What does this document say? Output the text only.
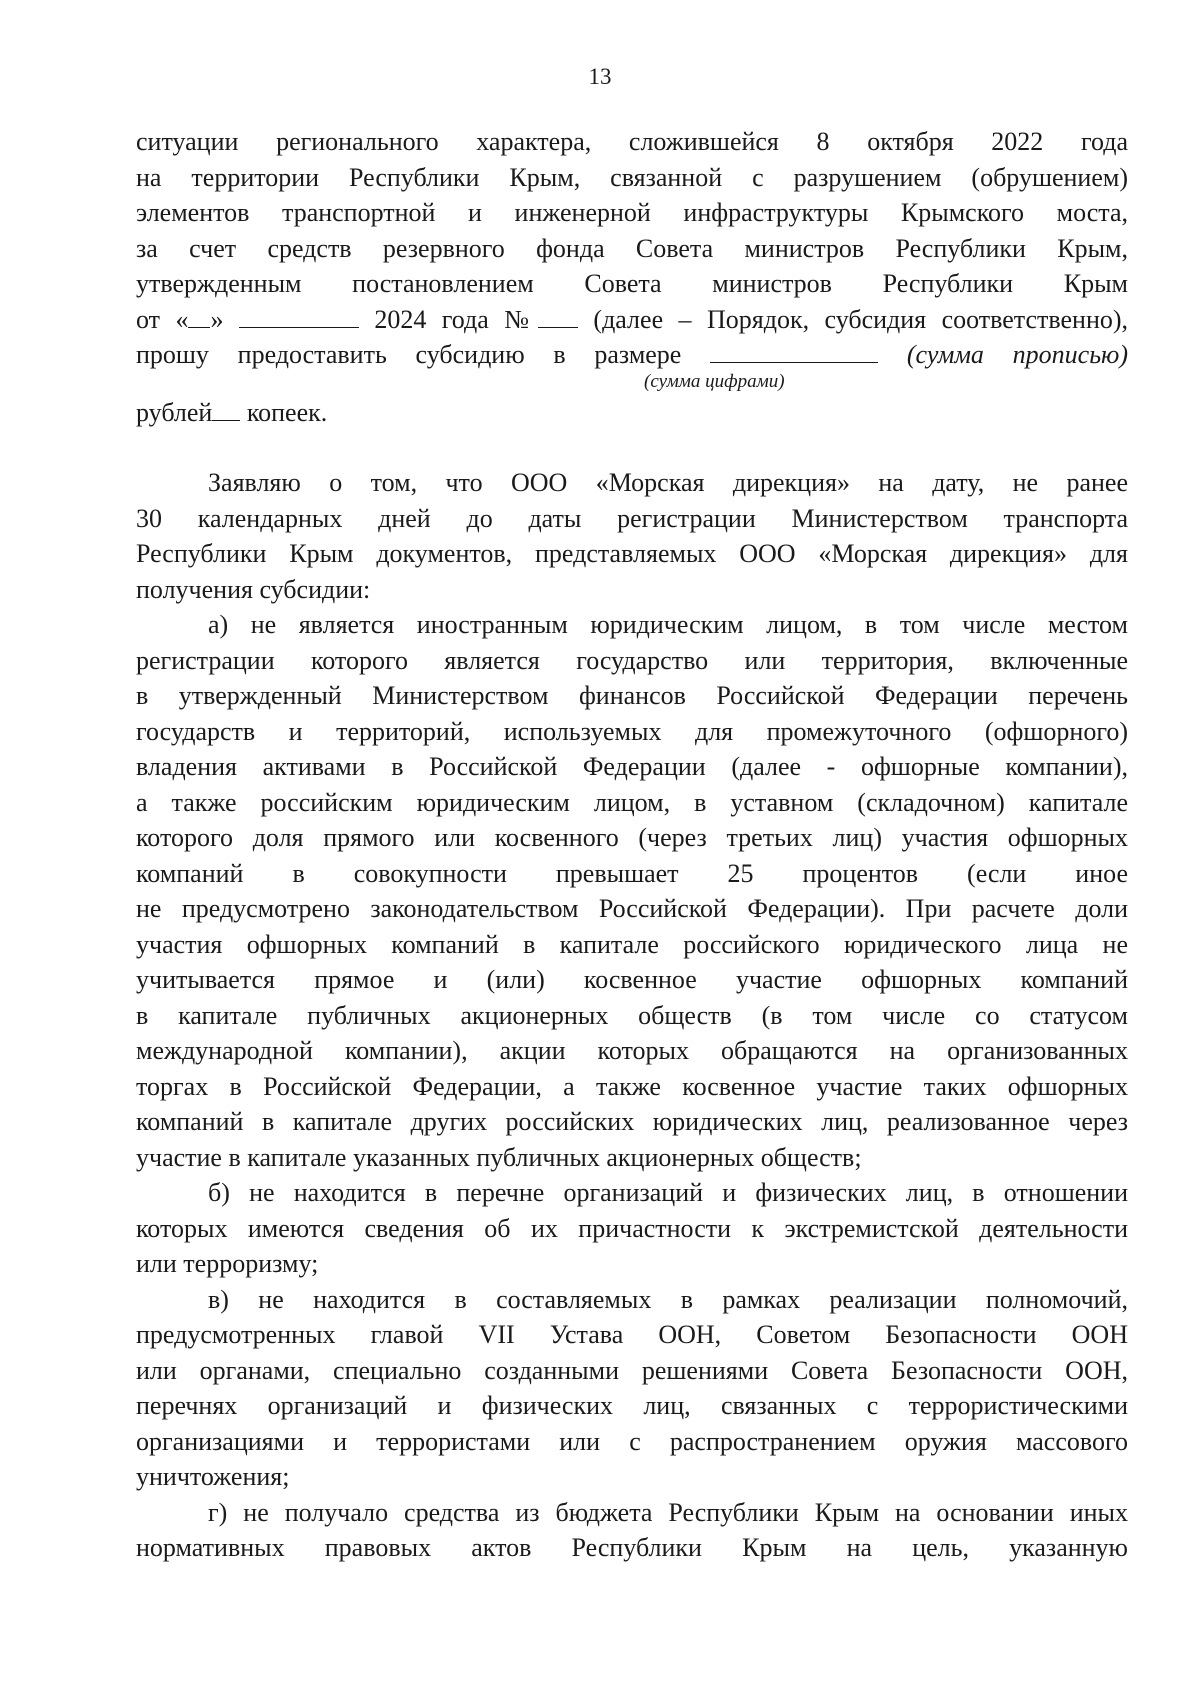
13
ситуации регионального характера, сложившейся 8 октября 2022 года
на территории Республики Крым, связанной с разрушением (обрушением)
элементов транспортной и инженерной инфраструктуры Крымского моста,
за счет средств резервного фонда Совета министров Республики Крым,
утвержденным постановлением Совета министров Республики Крым
от « »	2024 года № (далее – Порядок, субсидия соответственно),
прошу предоставить субсидию в размере	(сумма прописью)
(сумма цифрами)
рублей копеек.
Заявляю о том, что ООО «Морская дирекция» на дату, не ранее
30 календарных дней до даты регистрации Министерством транспорта
Республики Крым документов, представляемых ООО «Морская дирекция» для
получения субсидии:
а) не является иностранным юридическим лицом, в том числе местом
регистрации которого является государство или территория, включенные
в утвержденный Министерством финансов Российской Федерации перечень
государств и территорий, используемых для промежуточного (офшорного)
владения активами в Российской Федерации (далее - офшорные компании),
а также российским юридическим лицом, в уставном (складочном) капитале
которого доля прямого или косвенного (через третьих лиц) участия офшорных
компаний в совокупности превышает 25 процентов (если иное
не предусмотрено законодательством Российской Федерации). При расчете доли
участия офшорных компаний в капитале российского юридического лица не
учитывается прямое и (или) косвенное участие офшорных компаний
в капитале публичных акционерных обществ (в том числе со статусом
международной компании), акции которых обращаются на организованных
торгах в Российской Федерации, а также косвенное участие таких офшорных
компаний в капитале других российских юридических лиц, реализованное через
участие в капитале указанных публичных акционерных обществ;
б) не находится в перечне организаций и физических лиц, в отношении
которых имеются сведения об их причастности к экстремистской деятельности
или терроризму;
в) не находится в составляемых в рамках реализации полномочий,
предусмотренных главой VII Устава ООН, Советом Безопасности ООН
или органами, специально созданными решениями Совета Безопасности ООН,
перечнях организаций и физических лиц, связанных с террористическими
организациями и террористами или с распространением оружия массового
уничтожения;
г) не получало средства из бюджета Республики Крым на основании иных
нормативных правовых актов Республики Крым на цель, указанную
